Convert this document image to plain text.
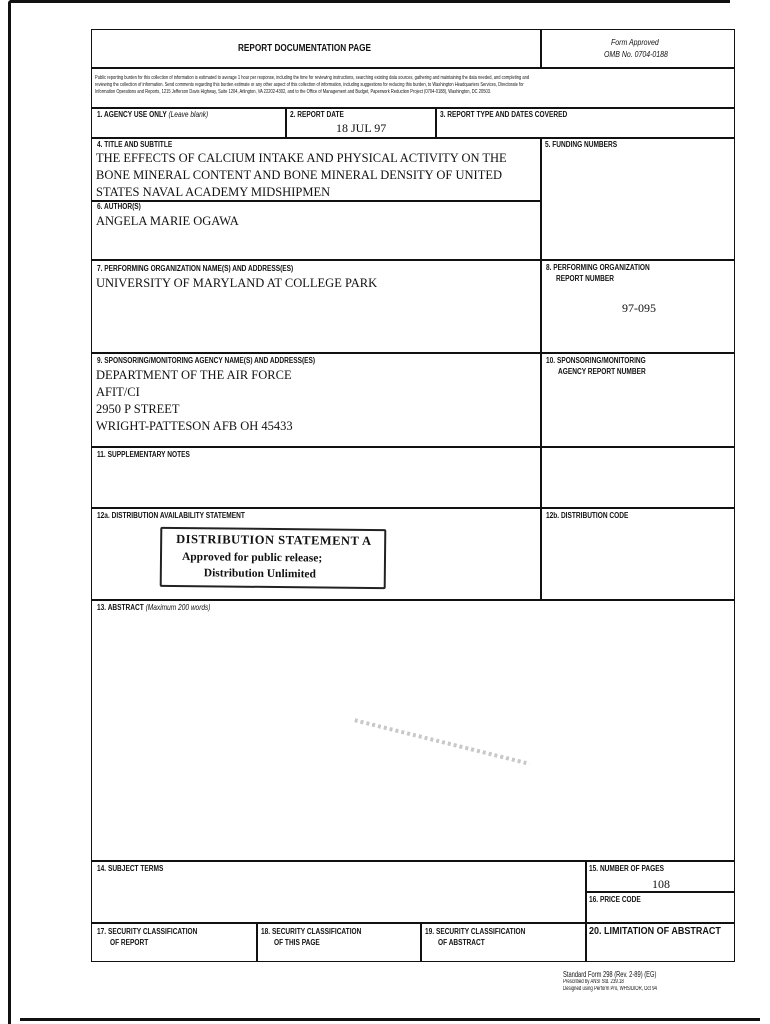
REPORT DOCUMENTATION PAGE
Form Approved
OMB No. 0704-0188
Public reporting burden for this collection of information is estimated to average 1 hour per response, including the time for reviewing instructions, searching existing data sources, gathering and maintaining the data needed, and completing and
reviewing the collection of information. Send comments regarding this burden estimate or any other aspect of this collection of information, including suggestions for reducing this burden, to Washington Headquarters Services, Directorate for
Information Operations and Reports, 1215 Jefferson Davis Highway, Suite 1204, Arlington, VA 22202-4302, and to the Office of Management and Budget, Paperwork Reduction Project (0704-0188), Washington, DC 20503.
1. AGENCY USE ONLY (Leave blank)	2. REPORT DATE
18 JUL 97
3. REPORT TYPE AND DATES COVERED
4. TITLE AND SUBTITLE
THE EFFECTS OF CALCIUM INTAKE AND PHYSICAL ACTIVITY ON THE
BONE MINERAL CONTENT AND BONE MINERAL DENSITY OF UNITED
STATES NAVAL ACADEMY MIDSHIPMEN
5. FUNDING NUMBERS
6. AUTHOR(S)
ANGELA MARIE OGAWA
7. PERFORMING ORGANIZATION NAME(S) AND ADDRESS(ES)
UNIVERSITY OF MARYLAND AT COLLEGE PARK
8. PERFORMING ORGANIZATION
REPORT NUMBER
97-095
9. SPONSORING/MONITORING AGENCY NAME(S) AND ADDRESS(ES)
DEPARTMENT OF THE AIR FORCE
AFIT/CI
2950 P STREET
WRIGHT-PATTESON AFB OH 45433
10. SPONSORING/MONITORING
AGENCY REPORT NUMBER
11. SUPPLEMENTARY NOTES
12a. DISTRIBUTION AVAILABILITY STATEMENT	12b. DISTRIBUTION CODE
DISTRIBUTION STATEMENT A
Approved for public release;
Distribution Unlimited
13. ABSTRACT (Maximum 200 words)
14. SUBJECT TERMS	15. NUMBER OF PAGES
108
16. PRICE CODE
17. SECURITY CLASSIFICATION
OF REPORT
18. SECURITY CLASSIFICATION
OF THIS PAGE
19. SECURITY CLASSIFICATION
OF ABSTRACT
20. LIMITATION OF ABSTRACT
Standard Form 298 (Rev. 2-89) (EG)
Prescribed by ANSI Std. 239.18
Designed using Perform Pro, WHS/DIOR, Oct 94
